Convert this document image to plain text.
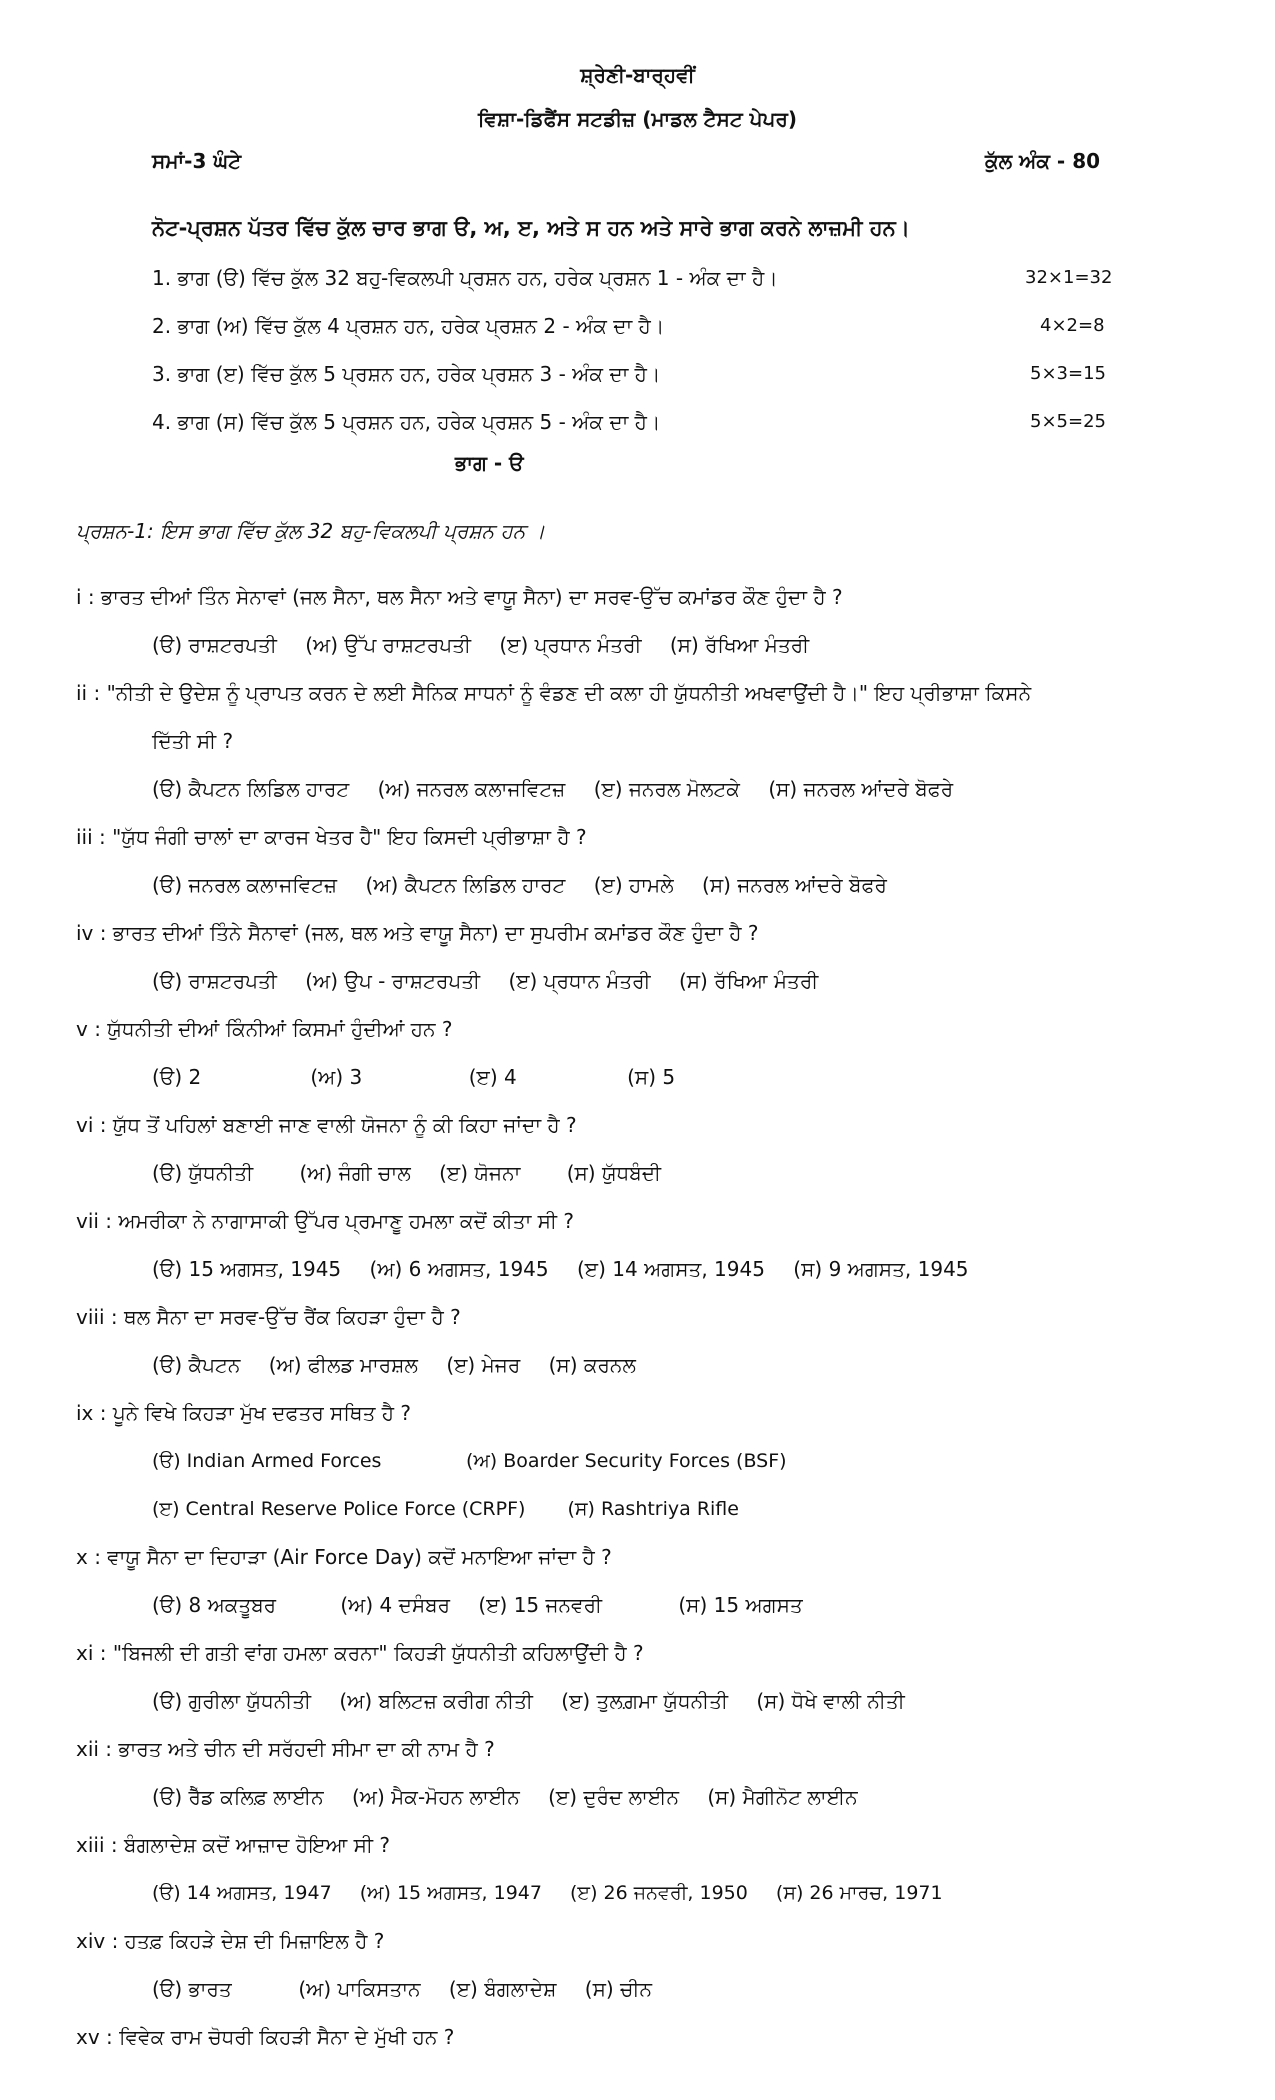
ਸ਼੍ਰੇਣੀ-ਬਾਰ੍ਹਵੀਂ
ਵਿਸ਼ਾ-ਡਿਫੈਂਸ ਸਟਡੀਜ਼ (ਮਾਡਲ ਟੈਸਟ ਪੇਪਰ)
ਸਮਾਂ-3 ਘੰਟੇ	ਕੁੱਲ ਅੰਕ - 80
ਨੋਟ-ਪ੍ਰਸ਼ਨ ਪੱਤਰ ਵਿੱਚ ਕੁੱਲ ਚਾਰ ਭਾਗ ੳ, ਅ, ੲ, ਅਤੇ ਸ ਹਨ ਅਤੇ ਸਾਰੇ ਭਾਗ ਕਰਨੇ ਲਾਜ਼ਮੀ ਹਨ।
1. ਭਾਗ (ੳ) ਵਿੱਚ ਕੁੱਲ 32 ਬਹੁ-ਵਿਕਲਪੀ ਪ੍ਰਸ਼ਨ ਹਨ, ਹਰੇਕ ਪ੍ਰਸ਼ਨ 1 - ਅੰਕ ਦਾ ਹੈ।	32×1=32
2. ਭਾਗ (ਅ) ਵਿੱਚ ਕੁੱਲ 4 ਪ੍ਰਸ਼ਨ ਹਨ, ਹਰੇਕ ਪ੍ਰਸ਼ਨ 2 - ਅੰਕ ਦਾ ਹੈ।	4×2=8
3. ਭਾਗ (ੲ) ਵਿੱਚ ਕੁੱਲ 5 ਪ੍ਰਸ਼ਨ ਹਨ, ਹਰੇਕ ਪ੍ਰਸ਼ਨ 3 - ਅੰਕ ਦਾ ਹੈ।	5×3=15
4. ਭਾਗ (ਸ) ਵਿੱਚ ਕੁੱਲ 5 ਪ੍ਰਸ਼ਨ ਹਨ, ਹਰੇਕ ਪ੍ਰਸ਼ਨ 5 - ਅੰਕ ਦਾ ਹੈ।	5×5=25
ਭਾਗ - ੳ
ਪ੍ਰਸ਼ਨ-1: ਇਸ ਭਾਗ ਵਿੱਚ ਕੁੱਲ 32 ਬਹੁ-ਵਿਕਲਪੀ ਪ੍ਰਸ਼ਨ ਹਨ ।
i : ਭਾਰਤ ਦੀਆਂ ਤਿੰਨ ਸੇਨਾਵਾਂ (ਜਲ ਸੈਨਾ, ਥਲ ਸੈਨਾ ਅਤੇ ਵਾਯੂ ਸੈਨਾ) ਦਾ ਸਰਵ-ਉੱਚ ਕਮਾਂਡਰ ਕੌਣ ਹੁੰਦਾ ਹੈ ?
(ੳ) ਰਾਸ਼ਟਰਪਤੀ (ਅ) ਉੱਪ ਰਾਸ਼ਟਰਪਤੀ (ੲ) ਪ੍ਰਧਾਨ ਮੰਤਰੀ (ਸ) ਰੱਖਿਆ ਮੰਤਰੀ
ii : "ਨੀਤੀ ਦੇ ਉਦੇਸ਼ ਨੂੰ ਪ੍ਰਾਪਤ ਕਰਨ ਦੇ ਲਈ ਸੈਨਿਕ ਸਾਧਨਾਂ ਨੂੰ ਵੰਡਣ ਦੀ ਕਲਾ ਹੀ ਯੁੱਧਨੀਤੀ ਅਖਵਾਉਂਦੀ ਹੈ।" ਇਹ ਪ੍ਰੀਭਾਸ਼ਾ ਕਿਸਨੇ
ਦਿੱਤੀ ਸੀ ?
(ੳ) ਕੈਪਟਨ ਲਿਡਿਲ ਹਾਰਟ (ਅ) ਜਨਰਲ ਕਲਾਜਵਿਟਜ਼ (ੲ) ਜਨਰਲ ਮੋਲਟਕੇ (ਸ) ਜਨਰਲ ਆਂਦਰੇ ਬੋਫਰੇ
iii : "ਯੁੱਧ ਜੰਗੀ ਚਾਲਾਂ ਦਾ ਕਾਰਜ ਖੇਤਰ ਹੈ" ਇਹ ਕਿਸਦੀ ਪ੍ਰੀਭਾਸ਼ਾ ਹੈ ?
(ੳ) ਜਨਰਲ ਕਲਾਜਵਿਟਜ਼ (ਅ) ਕੈਪਟਨ ਲਿਡਿਲ ਹਾਰਟ (ੲ) ਹਾਮਲੇ (ਸ) ਜਨਰਲ ਆਂਦਰੇ ਬੋਫਰੇ
iv : ਭਾਰਤ ਦੀਆਂ ਤਿੰਨੇ ਸੈਨਾਵਾਂ (ਜਲ, ਥਲ ਅਤੇ ਵਾਯੂ ਸੈਨਾ) ਦਾ ਸੁਪਰੀਮ ਕਮਾਂਡਰ ਕੌਣ ਹੁੰਦਾ ਹੈ ?
(ੳ) ਰਾਸ਼ਟਰਪਤੀ (ਅ) ਉਪ - ਰਾਸ਼ਟਰਪਤੀ (ੲ) ਪ੍ਰਧਾਨ ਮੰਤਰੀ (ਸ) ਰੱਖਿਆ ਮੰਤਰੀ
v : ਯੁੱਧਨੀਤੀ ਦੀਆਂ ਕਿੰਨੀਆਂ ਕਿਸਮਾਂ ਹੁੰਦੀਆਂ ਹਨ ?
(ੳ) 2	(ਅ) 3	(ੲ) 4	(ਸ) 5
vi : ਯੁੱਧ ਤੋਂ ਪਹਿਲਾਂ ਬਣਾਈ ਜਾਣ ਵਾਲੀ ਯੋਜਨਾ ਨੂੰ ਕੀ ਕਿਹਾ ਜਾਂਦਾ ਹੈ ?
(ੳ) ਯੁੱਧਨੀਤੀ (ਅ) ਜੰਗੀ ਚਾਲ (ੲ) ਯੋਜਨਾ (ਸ) ਯੁੱਧਬੰਦੀ
vii : ਅਮਰੀਕਾ ਨੇ ਨਾਗਾਸਾਕੀ ਉੱਪਰ ਪ੍ਰਮਾਣੂ ਹਮਲਾ ਕਦੋਂ ਕੀਤਾ ਸੀ ?
(ੳ) 15 ਅਗਸਤ, 1945 (ਅ) 6 ਅਗਸਤ, 1945 (ੲ) 14 ਅਗਸਤ, 1945 (ਸ) 9 ਅਗਸਤ, 1945
viii : ਥਲ ਸੈਨਾ ਦਾ ਸਰਵ-ਉੱਚ ਰੈਂਕ ਕਿਹੜਾ ਹੁੰਦਾ ਹੈ ?
(ੳ) ਕੈਪਟਨ (ਅ) ਫੀਲਡ ਮਾਰਸ਼ਲ (ੲ) ਮੇਜਰ (ਸ) ਕਰਨਲ
ix : ਪੂਨੇ ਵਿਖੇ ਕਿਹੜਾ ਮੁੱਖ ਦਫਤਰ ਸਥਿਤ ਹੈ ?
(ੳ) Indian Armed Forces	(ਅ) Boarder Security Forces (BSF)
(ੲ) Central Reserve Police Force (CRPF) (ਸ) Rashtriya Rifle
x : ਵਾਯੂ ਸੈਨਾ ਦਾ ਦਿਹਾੜਾ (Air Force Day) ਕਦੋਂ ਮਨਾਇਆ ਜਾਂਦਾ ਹੈ ?
(ੳ) 8 ਅਕਤੂਬਰ	(ਅ) 4 ਦਸੰਬਰ (ੲ) 15 ਜਨਵਰੀ	(ਸ) 15 ਅਗਸਤ
xi : "ਬਿਜਲੀ ਦੀ ਗਤੀ ਵਾਂਗ ਹਮਲਾ ਕਰਨਾ" ਕਿਹੜੀ ਯੁੱਧਨੀਤੀ ਕਹਿਲਾਉਂਦੀ ਹੈ ?
(ੳ) ਗੁਰੀਲਾ ਯੁੱਧਨੀਤੀ (ਅ) ਬਲਿਟਜ਼ ਕਰੀਗ ਨੀਤੀ (ੲ) ਤੁਲਗ਼ਮਾ ਯੁੱਧਨੀਤੀ (ਸ) ਧੋਖੇ ਵਾਲੀ ਨੀਤੀ
xii : ਭਾਰਤ ਅਤੇ ਚੀਨ ਦੀ ਸਰੱਹਦੀ ਸੀਮਾ ਦਾ ਕੀ ਨਾਮ ਹੈ ?
(ੳ) ਰੈੱਡ ਕਲਿਫ਼ ਲਾਈਨ (ਅ) ਮੈਕ-ਮੋਹਨ ਲਾਈਨ (ੲ) ਦੁਰੰਦ ਲਾਈਨ (ਸ) ਮੈਗੀਨੋਟ ਲਾਈਨ
xiii : ਬੰਗਲਾਦੇਸ਼ ਕਦੋਂ ਆਜ਼ਾਦ ਹੋਇਆ ਸੀ ?
(ੳ) 14 ਅਗਸਤ, 1947 (ਅ) 15 ਅਗਸਤ, 1947 (ੲ) 26 ਜਨਵਰੀ, 1950 (ਸ) 26 ਮਾਰਚ, 1971
xiv : ਹਤਫ਼ ਕਿਹੜੇ ਦੇਸ਼ ਦੀ ਮਿਜ਼ਾਇਲ ਹੈ ?
(ੳ) ਭਾਰਤ	(ਅ) ਪਾਕਿਸਤਾਨ (ੲ) ਬੰਗਲਾਦੇਸ਼ (ਸ) ਚੀਨ
xv : ਵਿਵੇਕ ਰਾਮ ਚੋਧਰੀ ਕਿਹੜੀ ਸੈਨਾ ਦੇ ਮੁੱਖੀ ਹਨ ?
